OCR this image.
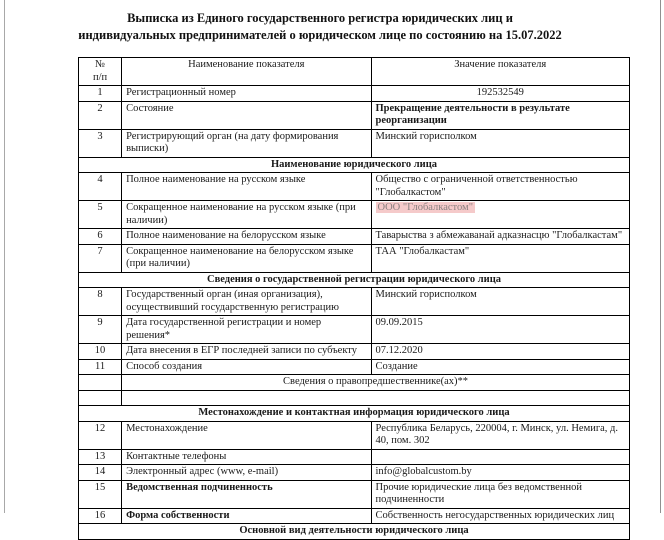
Выписка из Единого государственного регистра юридических лиц и
индивидуальных предпринимателей о юридическом лице по состоянию на 15.07.2022
№
п/п	Наименование показателя	Значение показателя
1	Регистрационный номер	192532549
2	Состояние	Прекращение деятельности в результате реорганизации
3	Регистрирующий орган (на дату формирования выписки)	Минский горисполком
Наименование юридического лица		
4	Полное наименование на русском языке	Общество с ограниченной ответственностью "Глобалкастом"
5	Сокращенное наименование на русском языке (при наличии)	ООО "Глобалкастом"
6	Полное наименование на белорусском языке	Таварыства з абмежаванай адказнасцю "Глобалкастам"
7	Сокращенное наименование на белорусском языке (при наличии)	ТАА "Глобалкастам"
Сведения о государственной регистрации юридического лица		
8	Государственный орган (иная организация), осуществивший государственную регистрацию	Минский горисполком
9	Дата государственной регистрации и номер решения*	09.09.2015
10	Дата внесения в ЕГР последней записи по субъекту	07.12.2020
11	Способ создания	Создание
	Сведения о правопредшественнике(ах)**	

Местонахождение и контактная информация юридического лица		
12	Местонахождение	Республика Беларусь, 220004, г. Минск, ул. Немига, д. 40, пом. 302
13	Контактные телефоны	
14	Электронный адрес (www, e-mail)	info@globalcustom.by
15	Ведомственная подчиненность	Прочие юридические лица без ведомственной подчиненности
16	Форма собственности	Собственность негосударственных юридических лиц
Основной вид деятельности юридического лица		
